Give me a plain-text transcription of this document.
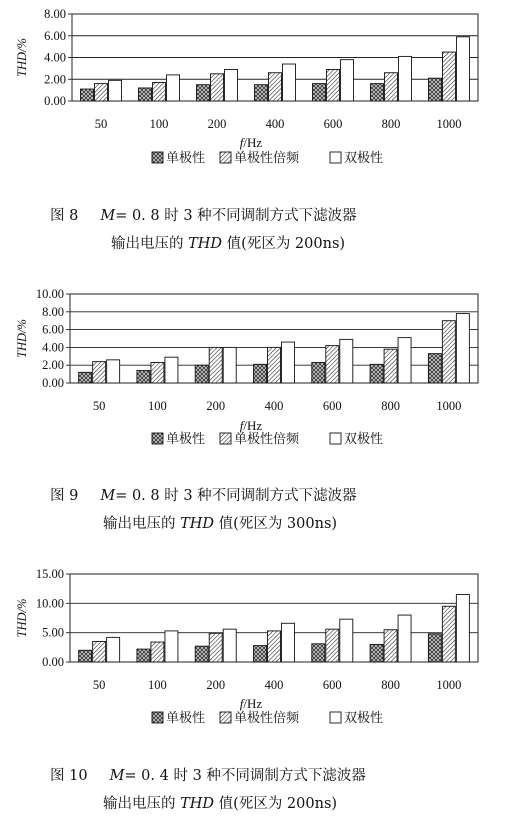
0.00
2.00
4.00
6.00
8.00
THD/%
50	100	200	400	600	800	1000
f/Hz
单极性 单极性倍频	双极性
图 8 M= 0. 8 时 3 种不同调制方式下滤波器
输出电压的 THD 值(死区为 200ns)
0.00
2.00
4.00
6.00
8.00
10.00
THD/%
50	100	200	400	600	800	1000
f/Hz
单极性 单极性倍频	双极性
图 9 M= 0. 8 时 3 种不同调制方式下滤波器
输出电压的 THD 值(死区为 300ns)
0.00
5.00
10.00
15.00
THD/%
50	100	200	400	600	800	1000
f/Hz
单极性 单极性倍频	双极性
图 10 M= 0. 4 时 3 种不同调制方式下滤波器
输出电压的 THD 值(死区为 200ns)
